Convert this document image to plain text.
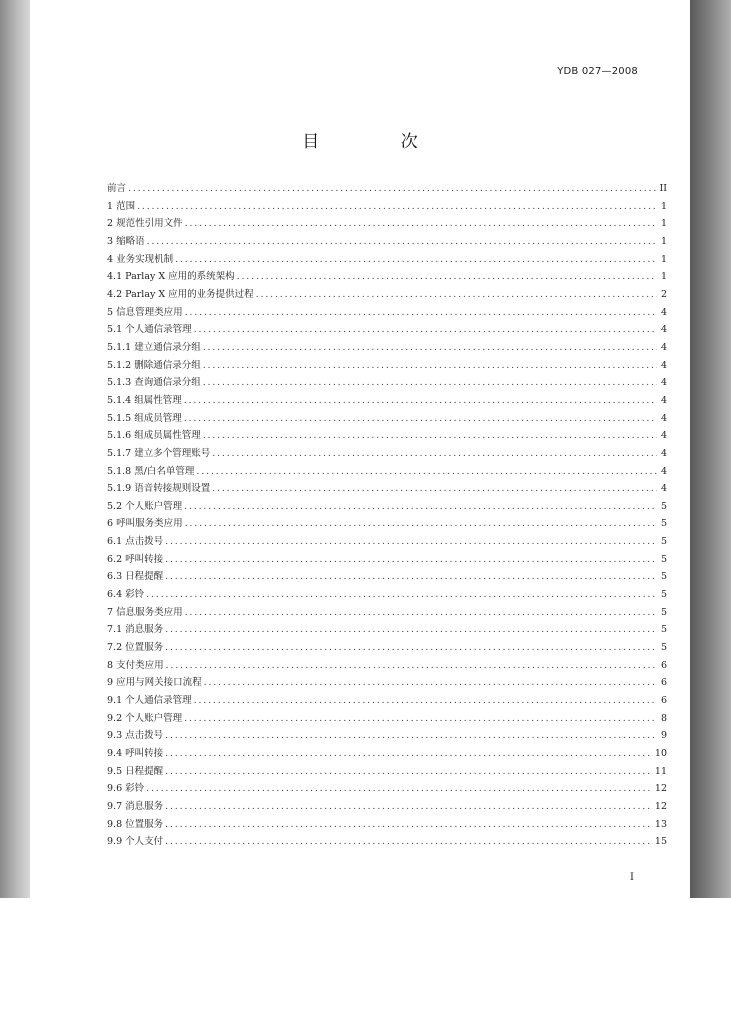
YDB 027—2008
目 次
前言 .....	II
1 范围 .....	1
2 规范性引用文件 .....	1
3 缩略语 .....	1
4 业务实现机制 .....	1
4.1 Parlay X 应用的系统架构 .....	1
4.2 Parlay X 应用的业务提供过程 .....	2
5 信息管理类应用 .....	4
5.1 个人通信录管理 .....	4
5.1.1 建立通信录分组 .....	4
5.1.2 删除通信录分组 .....	4
5.1.3 查询通信录分组 .....	4
5.1.4 组属性管理 .....	4
5.1.5 组成员管理 .....	4
5.1.6 组成员属性管理 .....	4
5.1.7 建立多个管理账号 .....	4
5.1.8 黑/白名单管理 .....	4
5.1.9 语音转接规则设置 .....	4
5.2 个人账户管理 .....	5
6 呼叫服务类应用 .....	5
6.1 点击拨号 .....	5
6.2 呼叫转接 .....	5
6.3 日程提醒 .....	5
6.4 彩铃 .....	5
7 信息服务类应用 .....	5
7.1 消息服务 .....	5
7.2 位置服务 .....	5
8 支付类应用 .....	6
9 应用与网关接口流程 .....	6
9.1 个人通信录管理 .....	6
9.2 个人账户管理 .....	8
9.3 点击拨号 .....	9
9.4 呼叫转接 .....	10
9.5 日程提醒 .....	11
9.6 彩铃 .....	12
9.7 消息服务 .....	12
9.8 位置服务 .....	13
9.9 个人支付 .....	15
I
